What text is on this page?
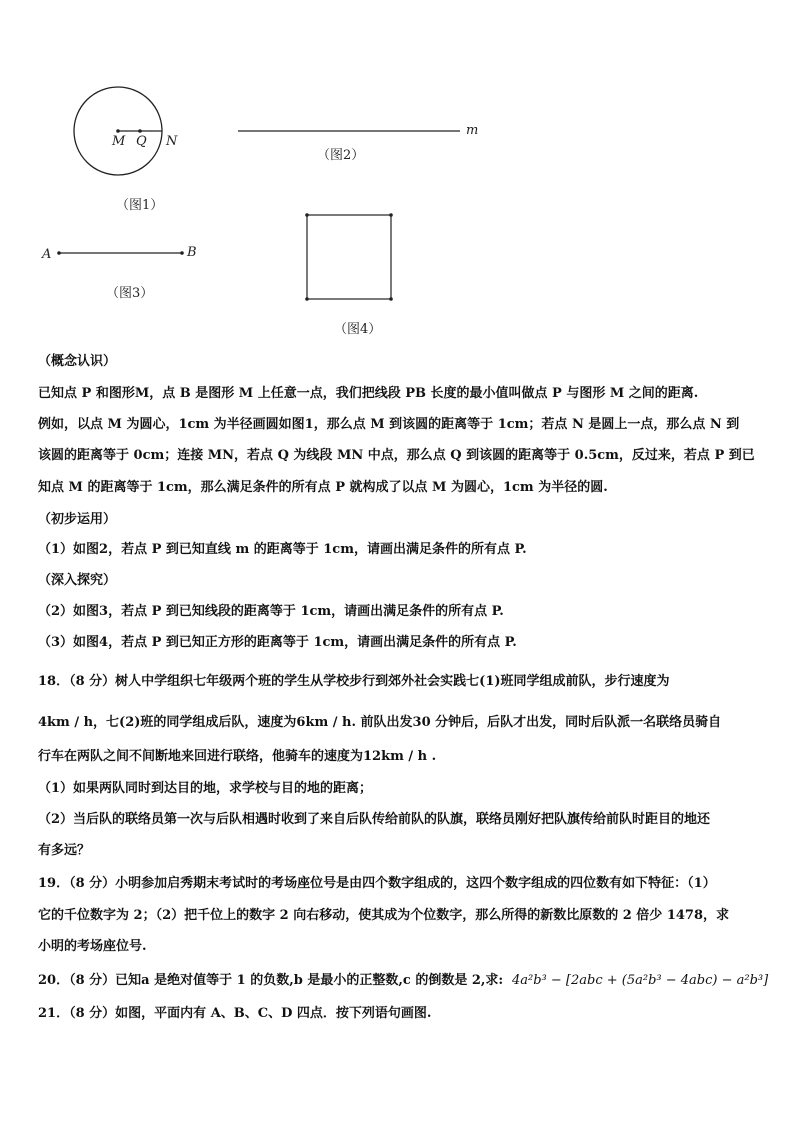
M Q N
（图1）
m
（图2）
A	B
（图3）
（图4）
（概念认识）
已知点 P 和图形M，点 B 是图形 M 上任意一点，我们把线段 PB 长度的最小值叫做点 P 与图形 M 之间的距离.
例如，以点 M 为圆心，1cm 为半径画圆如图1，那么点 M 到该圆的距离等于 1cm；若点 N 是圆上一点，那么点 N 到
该圆的距离等于 0cm；连接 MN，若点 Q 为线段 MN 中点，那么点 Q 到该圆的距离等于 0.5cm，反过来，若点 P 到已
知点 M 的距离等于 1cm，那么满足条件的所有点 P 就构成了以点 M 为圆心，1cm 为半径的圆.
（初步运用）
（1）如图2，若点 P 到已知直线 m 的距离等于 1cm，请画出满足条件的所有点 P.
（深入探究）
（2）如图3，若点 P 到已知线段的距离等于 1cm，请画出满足条件的所有点 P.
（3）如图4，若点 P 到已知正方形的距离等于 1cm，请画出满足条件的所有点 P.
18．（8 分）树人中学组织七年级两个班的学生从学校步行到郊外社会实践七(1)班同学组成前队，步行速度为
4km / h，七(2)班的同学组成后队，速度为6km / h. 前队出发30 分钟后，后队才出发，同时后队派一名联络员骑自
行车在两队之间不间断地来回进行联络，他骑车的速度为12km / h .
（1）如果两队同时到达目的地，求学校与目的地的距离；
（2）当后队的联络员第一次与后队相遇时收到了来自后队传给前队的队旗，联络员刚好把队旗传给前队时距目的地还
有多远？
19．（8 分）小明参加启秀期末考试时的考场座位号是由四个数字组成的，这四个数字组成的四位数有如下特征：（1）
它的千位数字为 2；（2）把千位上的数字 2 向右移动，使其成为个位数字，那么所得的新数比原数的 2 倍少 1478，求
小明的考场座位号.
20．（8 分）已知a 是绝对值等于 1 的负数,b 是最小的正整数,c 的倒数是 2,求: 4a²b³ − [2abc + (5a²b³ − 4abc) − a²b³]
21．（8 分）如图，平面内有 A、B、C、D 四点．按下列语句画图.
